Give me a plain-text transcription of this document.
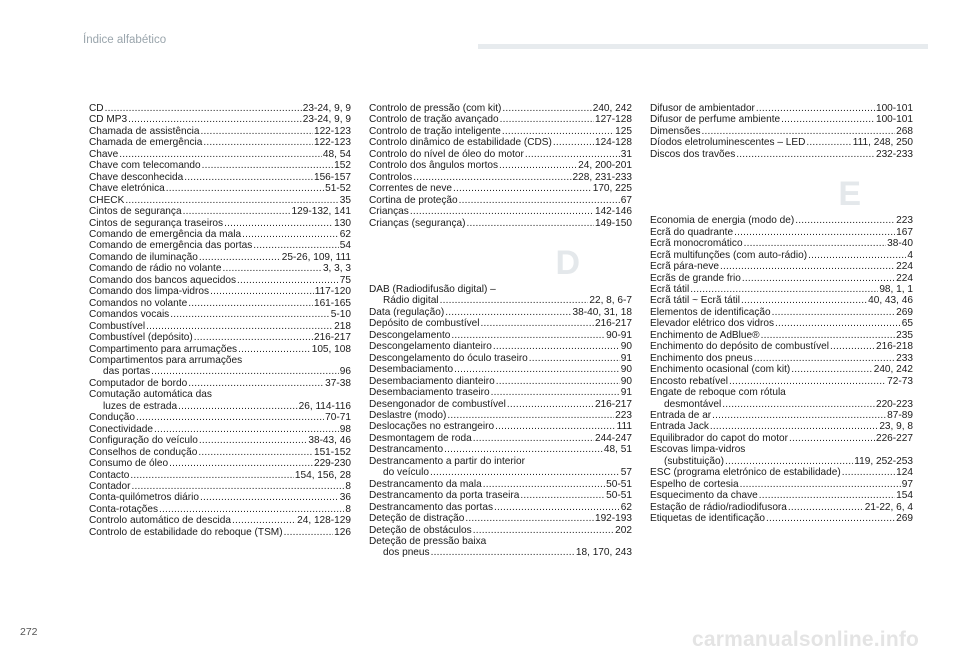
Índice alfabético
CD .....	23-24, 9, 9
CD MP3 .....	23-24, 9, 9
Chamada de assistência .....	122-123
Chamada de emergência .....	122-123
Chave .....	48, 54
Chave com telecomando .....	152
Chave desconhecida .....	156-157
Chave eletrónica .....	51-52
CHECK .....	35
Cintos de segurança .....	129-132, 141
Cintos de segurança traseiros .....	130
Comando de emergência da mala .....	62
Comando de emergência das portas .....	54
Comando de iluminação .....	25-26, 109, 111
Comando de rádio no volante .....	3, 3, 3
Comando dos bancos aquecidos .....	75
Comando dos limpa-vidros .....	117-120
Comandos no volante .....	161-165
Comandos vocais .....	5-10
Combustível .....	218
Combustível (depósito) .....	216-217
Compartimento para arrumações .....	105, 108
Compartimentos para arrumações
das portas .....	96
Computador de bordo .....	37-38
Comutação automática das
luzes de estrada .....	26, 114-116
Condução .....	70-71
Conectividade .....	98
Configuração do veículo .....	38-43, 46
Conselhos de condução .....	151-152
Consumo de óleo .....	229-230
Contacto .....	154, 156, 28
Contador .....	8
Conta-quilómetros diário .....	36
Conta-rotações .....	8
Controlo automático de descida .....	24, 128-129
Controlo de estabilidade do reboque (TSM) .....	126
Controlo de pressão (com kit) .....	240, 242
Controlo de tração avançado .....	127-128
Controlo de tração inteligente .....	125
Controlo dinâmico de estabilidade (CDS) .....	124-128
Controlo do nível de óleo do motor .....	31
Controlo dos ângulos mortos .....	24, 200-201
Controlos .....	228, 231-233
Correntes de neve .....	170, 225
Cortina de proteção .....	67
Crianças .....	142-146
Crianças (segurança) .....	149-150
D
DAB (Radiodifusão digital) –
Rádio digital .....	22, 8, 6-7
Data (regulação) .....	38-40, 31, 18
Depósito de combustível .....	216-217
Descongelamento .....	90-91
Descongelamento dianteiro .....	90
Descongelamento do óculo traseiro .....	91
Desembaciamento .....	90
Desembaciamento dianteiro .....	90
Desembaciamento traseiro .....	91
Desengonador de combustível .....	216-217
Deslastre (modo) .....	223
Deslocações no estrangeiro .....	111
Desmontagem de roda .....	244-247
Destrancamento .....	48, 51
Destrancamento a partir do interior
do veículo .....	57
Destrancamento da mala .....	50-51
Destrancamento da porta traseira .....	50-51
Destrancamento das portas .....	62
Deteção de distração .....	192-193
Deteção de obstáculos .....	202
Deteção de pressão baixa
dos pneus .....	18, 170, 243
Difusor de ambientador .....	100-101
Difusor de perfume ambiente .....	100-101
Dimensões .....	268
Díodos eletroluminescentes – LED .....	111, 248, 250
Discos dos travões .....	232-233
E
Economia de energia (modo de) .....	223
Ecrã do quadrante .....	167
Ecrã monocromático .....	38-40
Ecrã multifunções (com auto-rádio) .....	4
Ecrã pára-neve .....	224
Ecrãs de grande frio .....	224
Ecrã tátil .....	98, 1, 1
Ecrã tátil ~ Ecrã tátil .....	40, 43, 46
Elementos de identificação .....	269
Elevador elétrico dos vidros .....	65
Enchimento de AdBlue® .....	235
Enchimento do depósito de combustível .....	216-218
Enchimento dos pneus .....	233
Enchimento ocasional (com kit) .....	240, 242
Encosto rebatível .....	72-73
Engate de reboque com rótula
desmontável .....	220-223
Entrada de ar .....	87-89
Entrada Jack .....	23, 9, 8
Equilibrador do capot do motor .....	226-227
Escovas limpa-vidros
(substituição) .....	119, 252-253
ESC (programa eletrónico de estabilidade) .....	124
Espelho de cortesia .....	97
Esquecimento da chave .....	154
Estação de rádio/radiodifusora .....	21-22, 6, 4
Etiquetas de identificação .....	269
272	carmanualsonline.info
